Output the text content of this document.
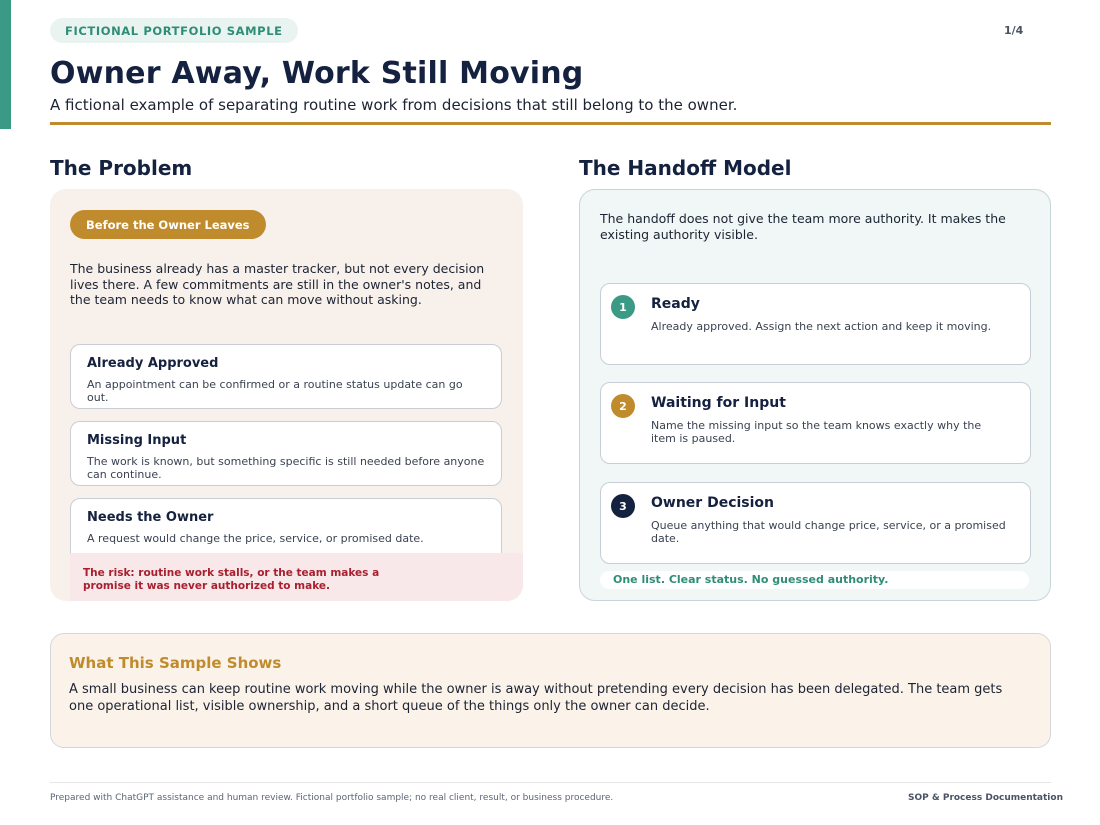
FICTIONAL PORTFOLIO SAMPLE	1/4
Owner Away, Work Still Moving
A fictional example of separating routine work from decisions that still belong to the owner.
The Problem
Before the Owner Leaves
The business already has a master tracker, but not every decision lives there. A few commitments are still in the owner's notes, and the team needs to know what can move without asking.
Already Approved
An appointment can be confirmed or a routine status update can go out.
Missing Input
The work is known, but something specific is still needed before anyone can continue.
Needs the Owner
A request would change the price, service, or promised date.
The risk: routine work stalls, or the team makes a promise it was never authorized to make.
The Handoff Model
The handoff does not give the team more authority. It makes the existing authority visible.
1	Ready
Already approved. Assign the next action and keep it moving.
2	Waiting for Input
Name the missing input so the team knows exactly why the item is paused.
3	Owner Decision
Queue anything that would change price, service, or a promised date.
One list. Clear status. No guessed authority.
What This Sample Shows
A small business can keep routine work moving while the owner is away without pretending every decision has been delegated. The team gets one operational list, visible ownership, and a short queue of the things only the owner can decide.
Prepared with ChatGPT assistance and human review. Fictional portfolio sample; no real client, result, or business procedure.	SOP & Process Documentation
